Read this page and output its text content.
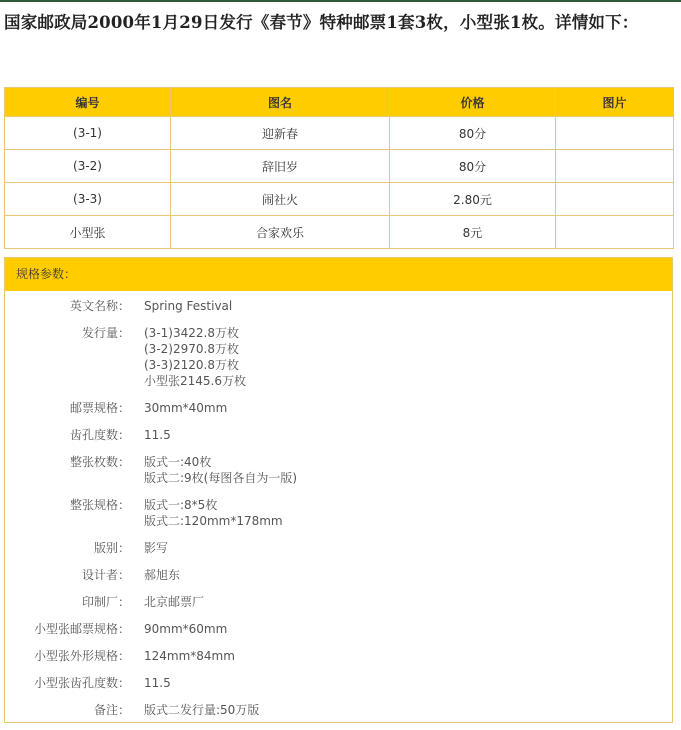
国家邮政局2000年1月29日发行《春节》特种邮票1套3枚，小型张1枚。详情如下：
编号	图名	价格	图片
(3-1)	迎新春	80分	
(3-2)	辞旧岁	80分	
(3-3)	闹社火	2.80元	
小型张	合家欢乐	8元	
规格参数：
英文名称： Spring Festival
发行量： (3-1)3422.8万枚
(3-2)2970.8万枚
(3-3)2120.8万枚
小型张2145.6万枚
邮票规格： 30mm*40mm
齿孔度数： 11.5
整张枚数： 版式一:40枚
版式二:9枚(每图各自为一版)
整张规格： 版式一:8*5枚
版式二:120mm*178mm
版别： 影写
设计者： 郝旭东
印制厂： 北京邮票厂
小型张邮票规格： 90mm*60mm
小型张外形规格： 124mm*84mm
小型张齿孔度数： 11.5
备注： 版式二发行量:50万版
